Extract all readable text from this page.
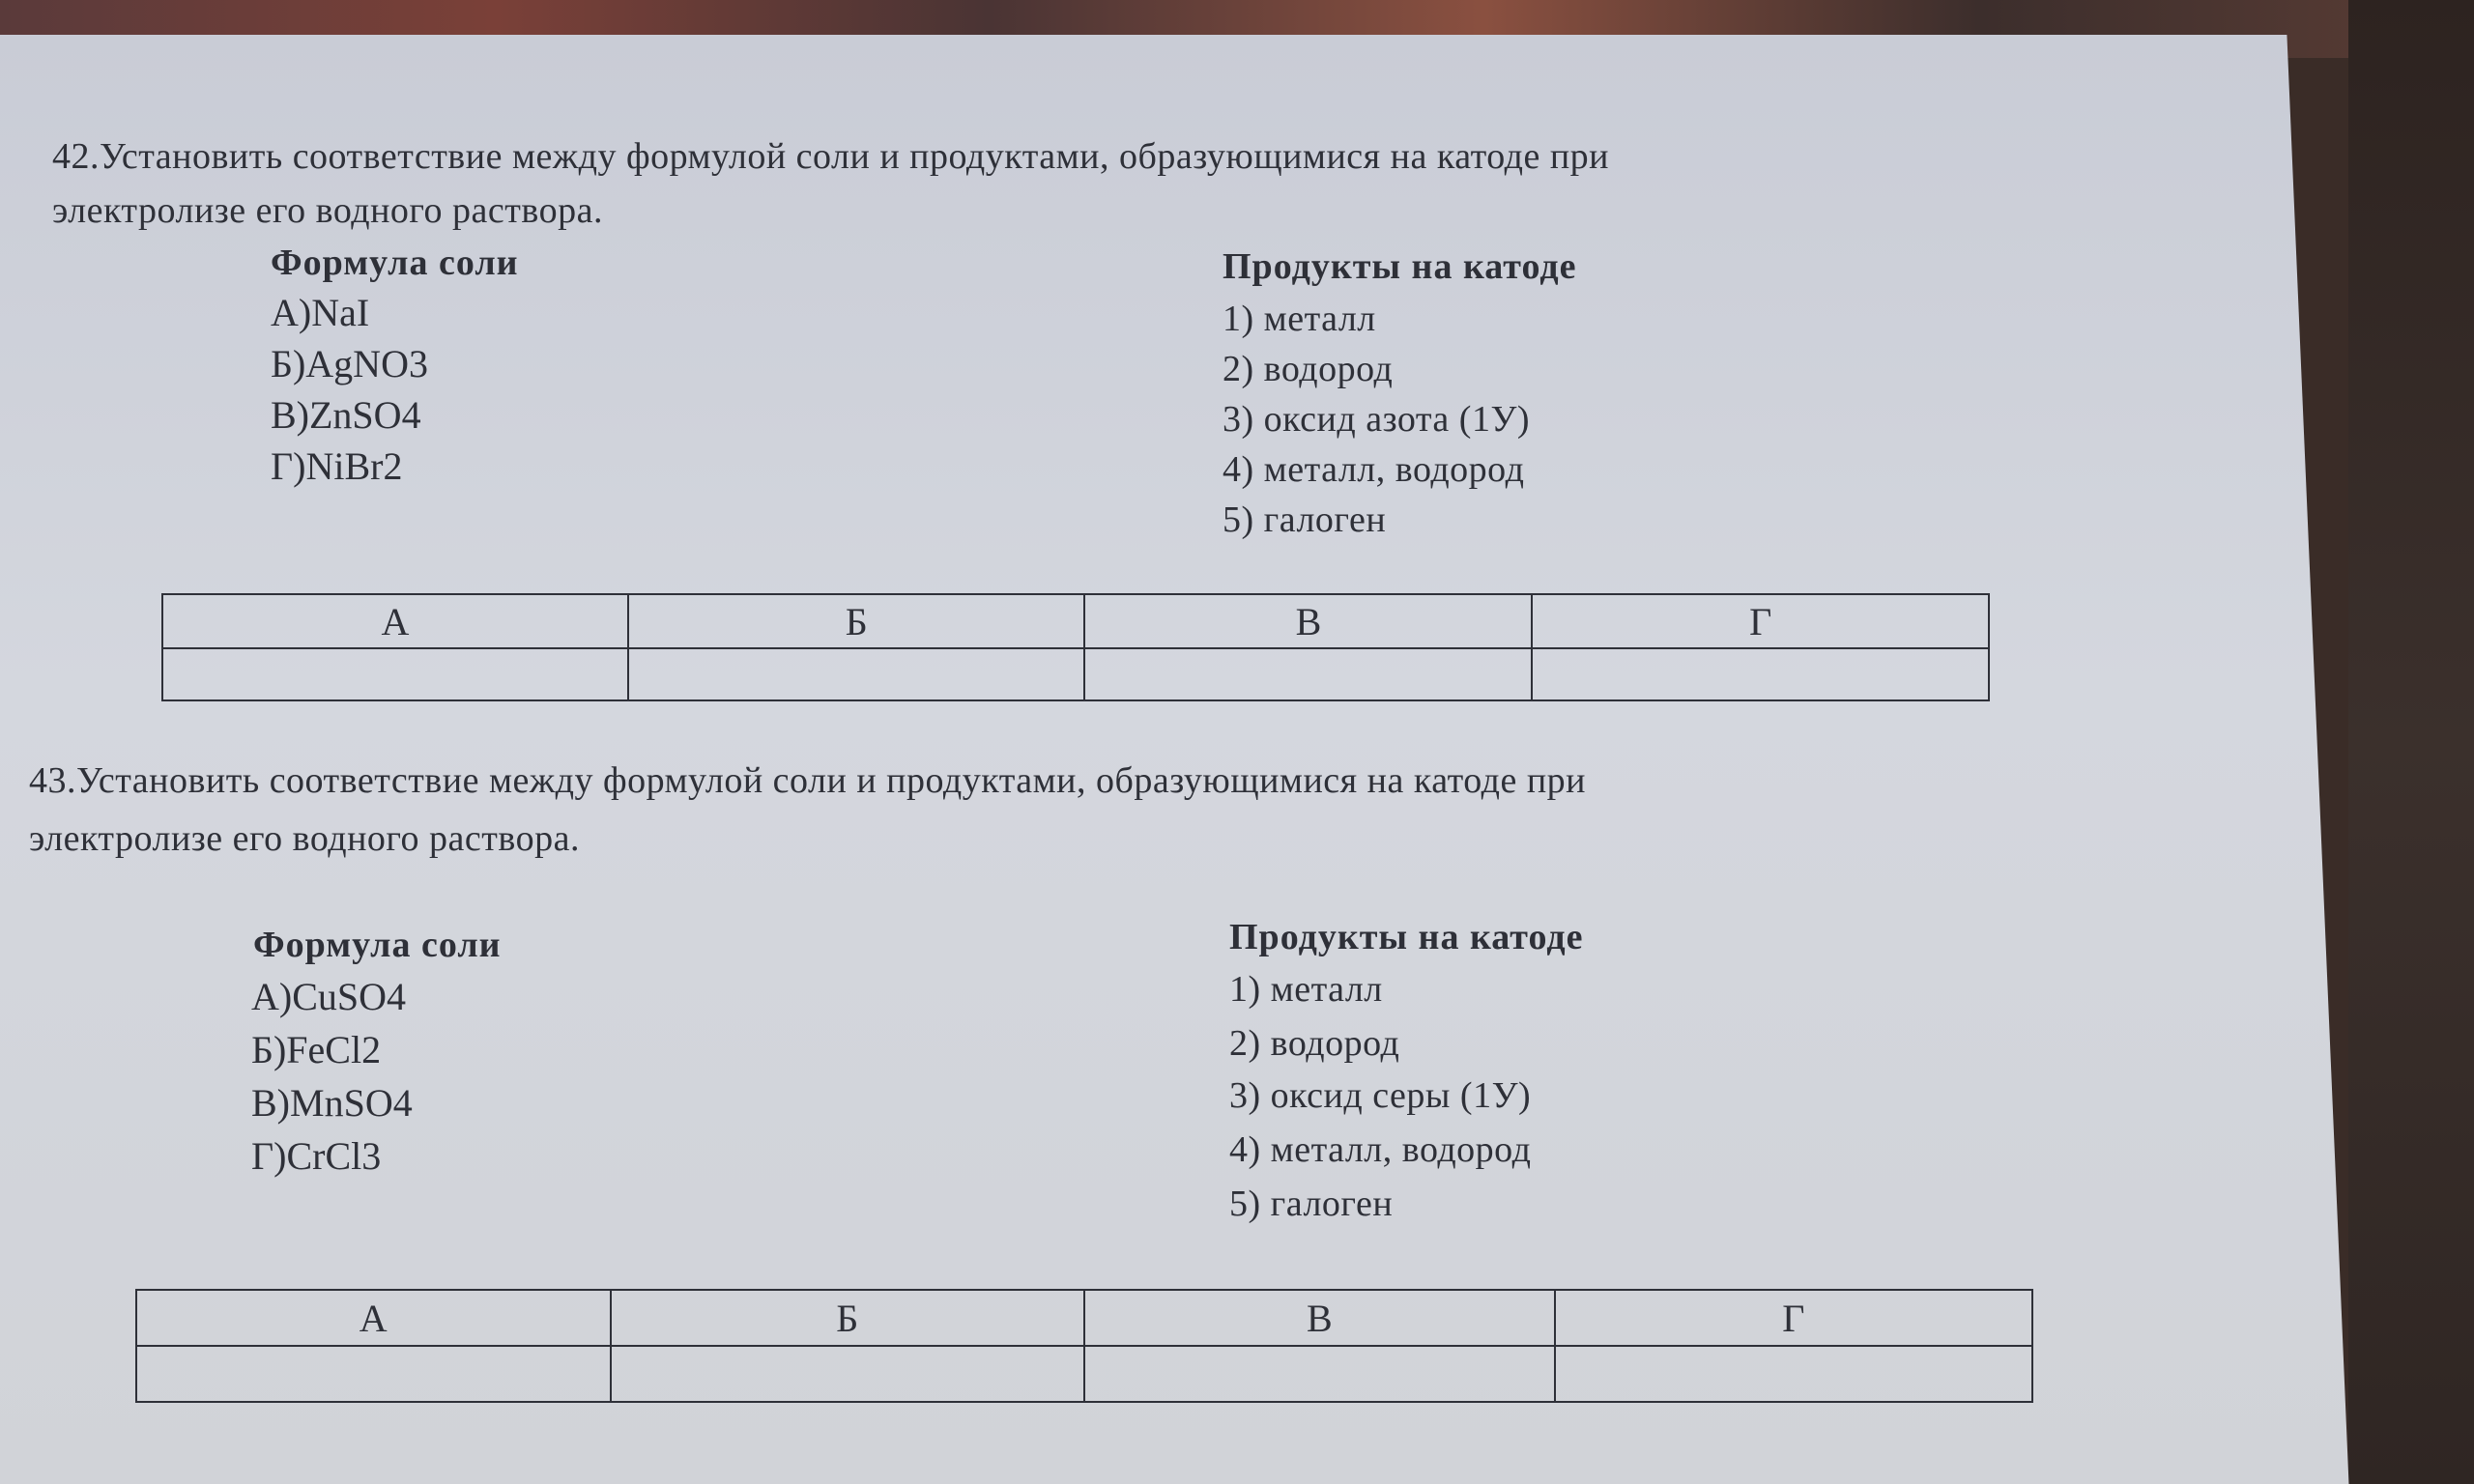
42.Установить соответствие между формулой соли и продуктами, образующимися на катоде при
электролизе его водного раствора.
Формула соли	Продукты на катоде
А)NaI
Б)AgNO3
В)ZnSO4
Г)NiBr2
1) металл
2) водород
3) оксид азота (1У)
4) металл, водород
5) галоген
А	Б	В	Г

43.Установить соответствие между формулой соли и продуктами, образующимися на катоде при
электролизе его водного раствора.
Формула соли	Продукты на катоде
А)CuSO4
Б)FeCl2
В)MnSO4
Г)CrCl3
1) металл
2) водород
3) оксид серы (1У)
4) металл, водород
5) галоген
А	Б	В	Г
